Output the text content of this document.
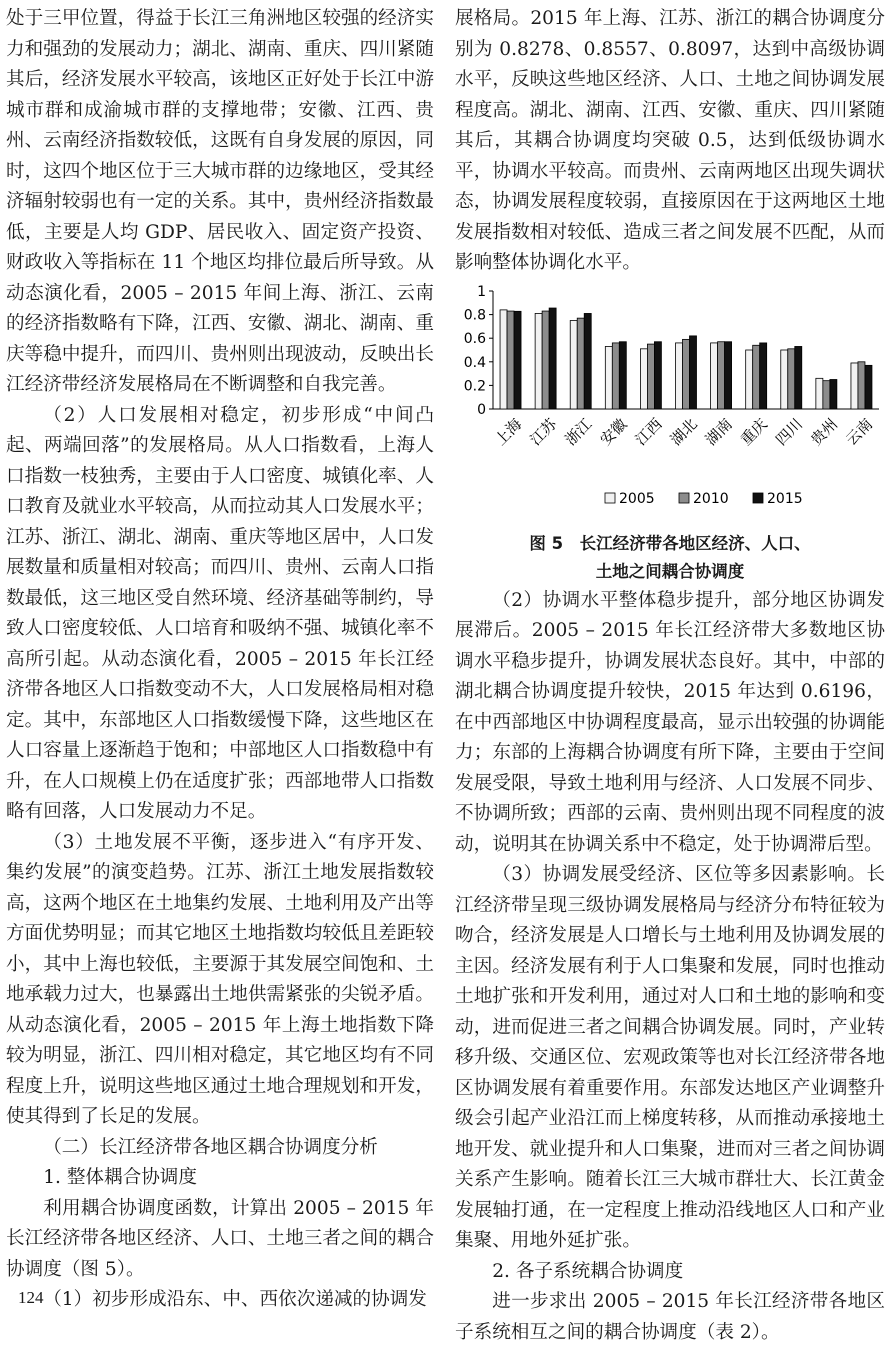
处于三甲位置，得益于长江三角洲地区较强的经济实力和强劲的发展动力；湖北、湖南、重庆、四川紧随其后，经济发展水平较高，该地区正好处于长江中游城市群和成渝城市群的支撑地带；安徽、江西、贵州、云南经济指数较低，这既有自身发展的原因，同时，这四个地区位于三大城市群的边缘地区，受其经济辐射较弱也有一定的关系。其中，贵州经济指数最低，主要是人均 GDP、居民收入、固定资产投资、财政收入等指标在 11 个地区均排位最后所导致。从动态演化看，2005 – 2015 年间上海、浙江、云南的经济指数略有下降，江西、安徽、湖北、湖南、重庆等稳中提升，而四川、贵州则出现波动，反映出长江经济带经济发展格局在不断调整和自我完善。

（2）人口发展相对稳定，初步形成“中间凸起、两端回落”的发展格局。从人口指数看，上海人口指数一枝独秀，主要由于人口密度、城镇化率、人口教育及就业水平较高，从而拉动其人口发展水平；江苏、浙江、湖北、湖南、重庆等地区居中，人口发展数量和质量相对较高；而四川、贵州、云南人口指数最低，这三地区受自然环境、经济基础等制约，导致人口密度较低、人口培育和吸纳不强、城镇化率不高所引起。从动态演化看，2005 – 2015 年长江经济带各地区人口指数变动不大，人口发展格局相对稳定。其中，东部地区人口指数缓慢下降，这些地区在人口容量上逐渐趋于饱和；中部地区人口指数稳中有升，在人口规模上仍在适度扩张；西部地带人口指数略有回落，人口发展动力不足。

（3）土地发展不平衡，逐步进入“有序开发、集约发展”的演变趋势。江苏、浙江土地发展指数较高，这两个地区在土地集约发展、土地利用及产出等方面优势明显；而其它地区土地指数均较低且差距较小，其中上海也较低，主要源于其发展空间饱和、土地承载力过大，也暴露出土地供需紧张的尖锐矛盾。从动态演化看，2005 – 2015 年上海土地指数下降较为明显，浙江、四川相对稳定，其它地区均有不同程度上升，说明这些地区通过土地合理规划和开发，使其得到了长足的发展。

（二）长江经济带各地区耦合协调度分析

1. 整体耦合协调度

利用耦合协调度函数，计算出 2005 – 2015 年长江经济带各地区经济、人口、土地三者之间的耦合协调度（图 5）。

（1）初步形成沿东、中、西依次递减的协调发

展格局。2015 年上海、江苏、浙江的耦合协调度分别为 0.8278、0.8557、0.8097，达到中高级协调水平，反映这些地区经济、人口、土地之间协调发展程度高。湖北、湖南、江西、安徽、重庆、四川紧随其后，其耦合协调度均突破 0.5，达到低级协调水平，协调水平较高。而贵州、云南两地区出现失调状态，协调发展程度较弱，直接原因在于这两地区土地发展指数相对较低、造成三者之间发展不匹配，从而影响整体协调化水平。

0
0.2
0.4
0.6
0.8
1
上海 江苏 浙江 安徽 江西 湖北 湖南 重庆 四川 贵州 云南
2005	2010	2015
图 5　长江经济带各地区经济、人口、
土地之间耦合协调度

（2）协调水平整体稳步提升，部分地区协调发展滞后。2005 – 2015 年长江经济带大多数地区协调水平稳步提升，协调发展状态良好。其中，中部的湖北耦合协调度提升较快，2015 年达到 0.6196，在中西部地区中协调程度最高，显示出较强的协调能力；东部的上海耦合协调度有所下降，主要由于空间发展受限，导致土地利用与经济、人口发展不同步、不协调所致；西部的云南、贵州则出现不同程度的波动，说明其在协调关系中不稳定，处于协调滞后型。

（3）协调发展受经济、区位等多因素影响。长江经济带呈现三级协调发展格局与经济分布特征较为吻合，经济发展是人口增长与土地利用及协调发展的主因。经济发展有利于人口集聚和发展，同时也推动土地扩张和开发利用，通过对人口和土地的影响和变动，进而促进三者之间耦合协调发展。同时，产业转移升级、交通区位、宏观政策等也对长江经济带各地区协调发展有着重要作用。东部发达地区产业调整升级会引起产业沿江而上梯度转移，从而推动承接地土地开发、就业提升和人口集聚，进而对三者之间协调关系产生影响。随着长江三大城市群壮大、长江黄金发展轴打通，在一定程度上推动沿线地区人口和产业集聚、用地外延扩张。

2. 各子系统耦合协调度

进一步求出 2005 – 2015 年长江经济带各地区子系统相互之间的耦合协调度（表 2）。

124
